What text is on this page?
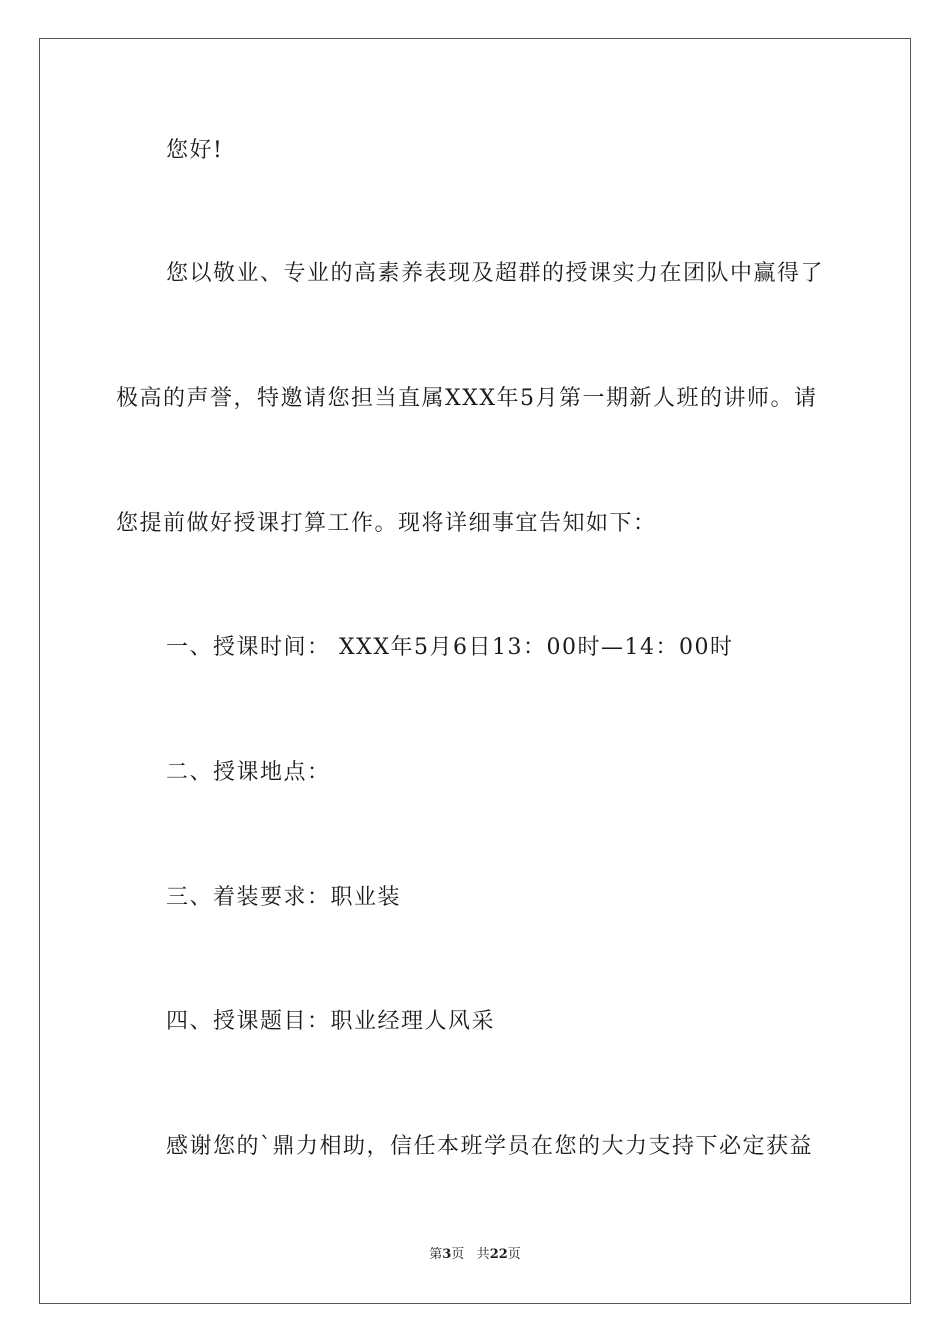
您好!
您以敬业、专业的高素养表现及超群的授课实力在团队中赢得了
极高的声誉，特邀请您担当直属XXX年5月第一期新人班的讲师。请
您提前做好授课打算工作。现将详细事宜告知如下：
一、授课时间： XXX年5月6日13：00时—14：00时
二、授课地点：
三、着装要求：职业装
四、授课题目：职业经理人风采
感谢您的`鼎力相助，信任本班学员在您的大力支持下必定获益
第3页 共22页
